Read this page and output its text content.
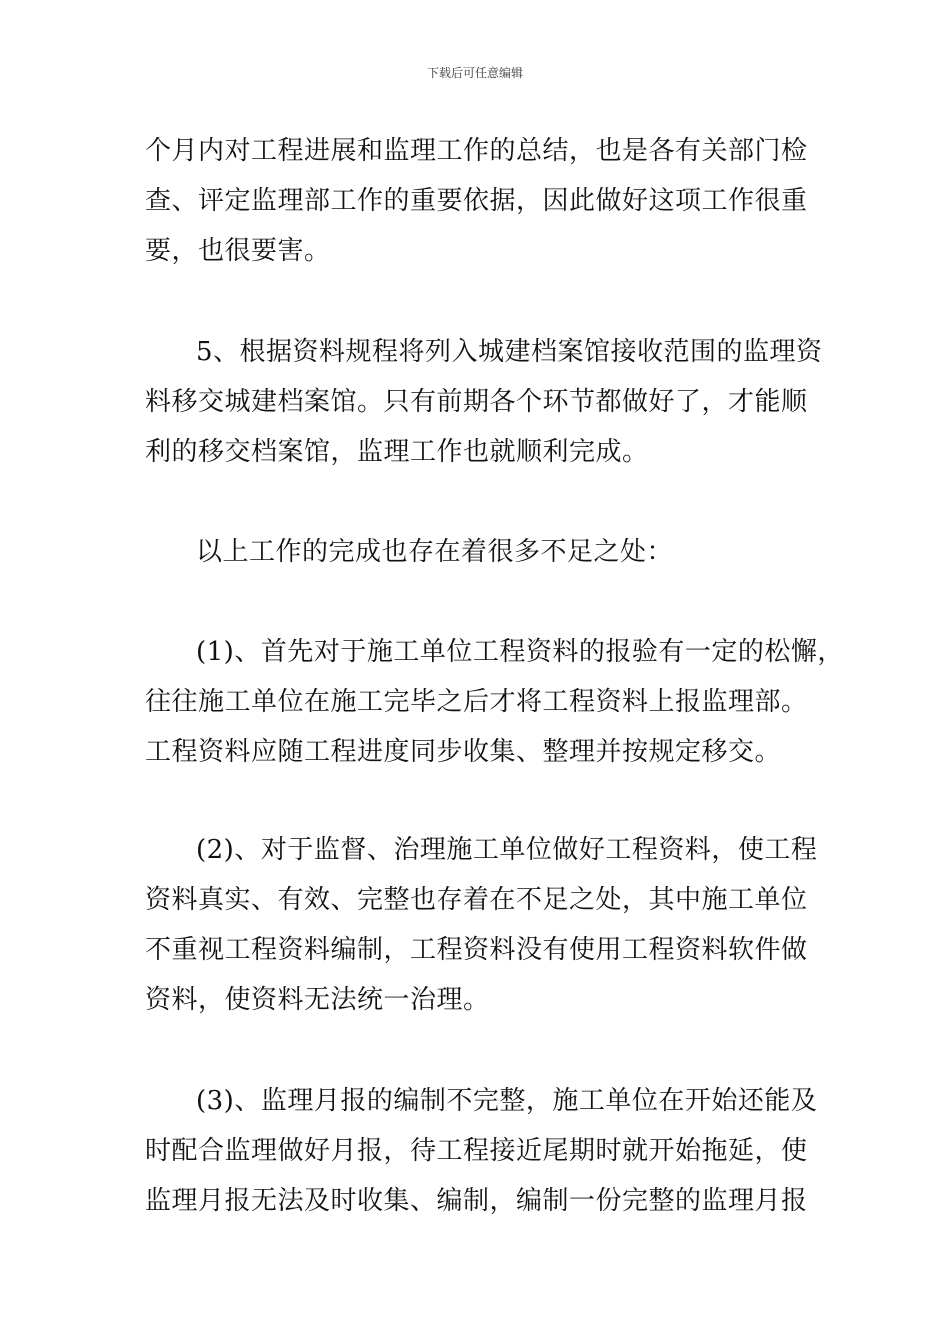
下载后可任意编辑
个月内对工程进展和监理工作的总结，也是各有关部门检
查、评定监理部工作的重要依据，因此做好这项工作很重
要，也很要害。
5、根据资料规程将列入城建档案馆接收范围的监理资
料移交城建档案馆。只有前期各个环节都做好了，才能顺
利的移交档案馆，监理工作也就顺利完成。
以上工作的完成也存在着很多不足之处：
(1)、首先对于施工单位工程资料的报验有一定的松懈，
往往施工单位在施工完毕之后才将工程资料上报监理部。
工程资料应随工程进度同步收集、整理并按规定移交。
(2)、对于监督、治理施工单位做好工程资料，使工程
资料真实、有效、完整也存着在不足之处，其中施工单位
不重视工程资料编制，工程资料没有使用工程资料软件做
资料，使资料无法统一治理。
(3)、监理月报的编制不完整，施工单位在开始还能及
时配合监理做好月报，待工程接近尾期时就开始拖延，使
监理月报无法及时收集、编制，编制一份完整的监理月报
